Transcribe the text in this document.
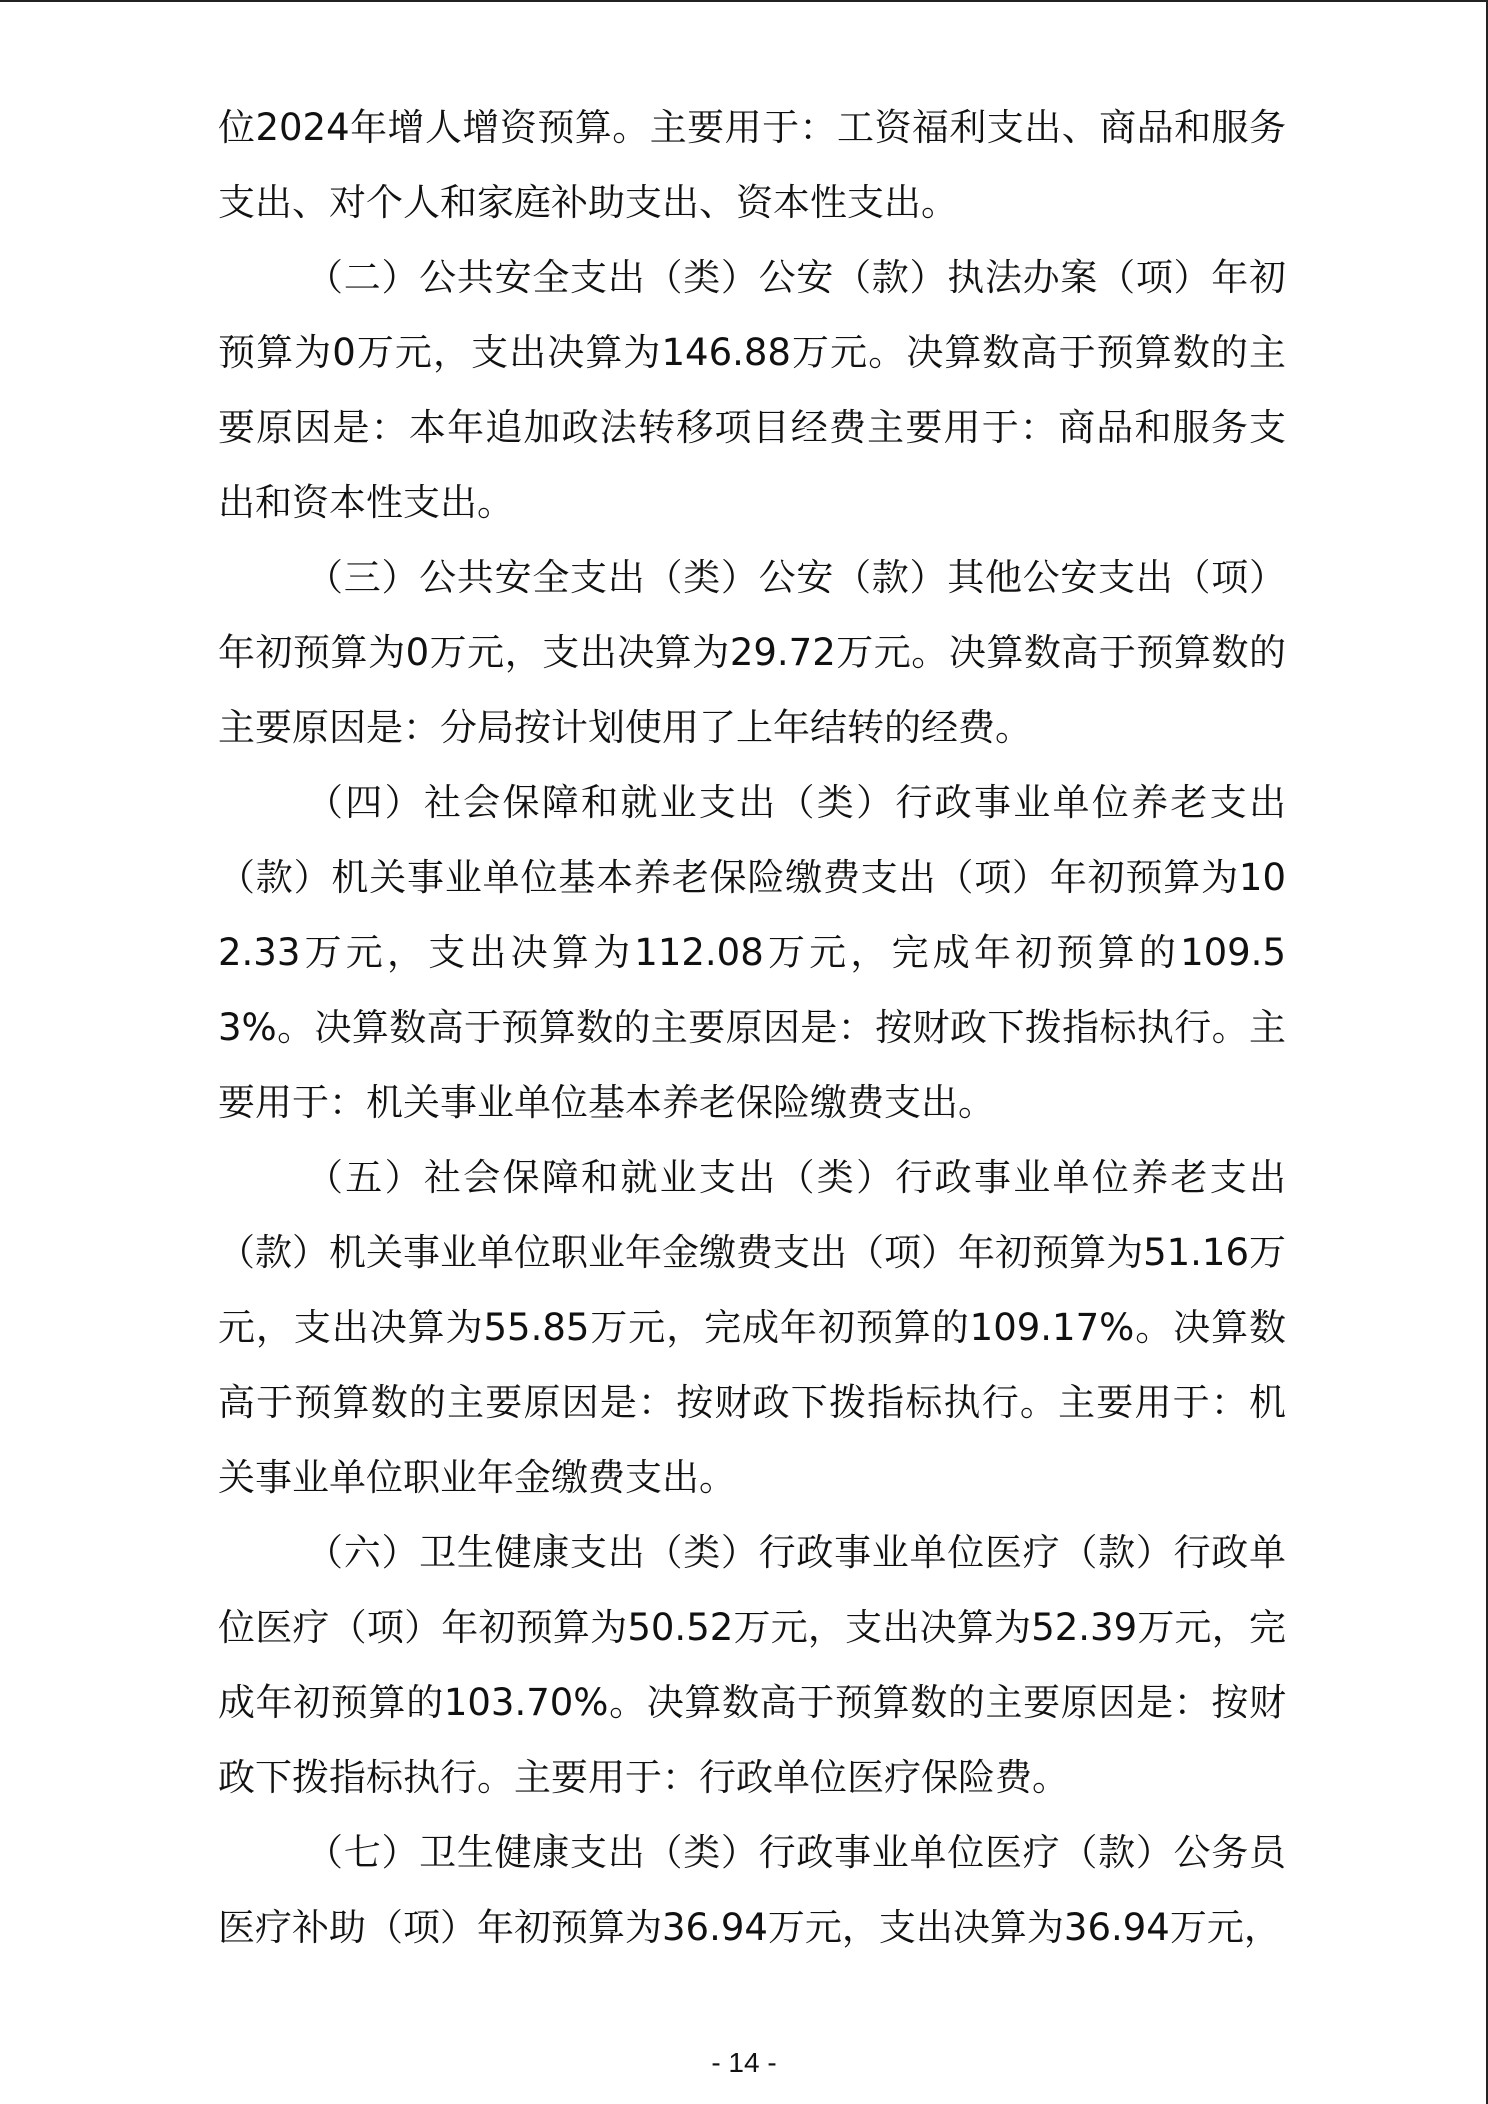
位2024年增人增资预算。主要用于：工资福利支出、商品和服务支出、对个人和家庭补助支出、资本性支出。

（二）公共安全支出（类）公安（款）执法办案（项）年初预算为0万元，支出决算为146.88万元。决算数高于预算数的主要原因是：本年追加政法转移项目经费主要用于：商品和服务支出和资本性支出。

（三）公共安全支出（类）公安（款）其他公安支出（项）年初预算为0万元，支出决算为29.72万元。决算数高于预算数的主要原因是：分局按计划使用了上年结转的经费。

（四）社会保障和就业支出（类）行政事业单位养老支出（款）机关事业单位基本养老保险缴费支出（项）年初预算为102.33万元，支出决算为112.08万元，完成年初预算的109.53%。决算数高于预算数的主要原因是：按财政下拨指标执行。主要用于：机关事业单位基本养老保险缴费支出。

（五）社会保障和就业支出（类）行政事业单位养老支出（款）机关事业单位职业年金缴费支出（项）年初预算为51.16万元，支出决算为55.85万元，完成年初预算的109.17%。决算数高于预算数的主要原因是：按财政下拨指标执行。主要用于：机关事业单位职业年金缴费支出。

（六）卫生健康支出（类）行政事业单位医疗（款）行政单位医疗（项）年初预算为50.52万元，支出决算为52.39万元，完成年初预算的103.70%。决算数高于预算数的主要原因是：按财政下拨指标执行。主要用于：行政单位医疗保险费。

（七）卫生健康支出（类）行政事业单位医疗（款）公务员医疗补助（项）年初预算为36.94万元，支出决算为36.94万元，

- 14 -
